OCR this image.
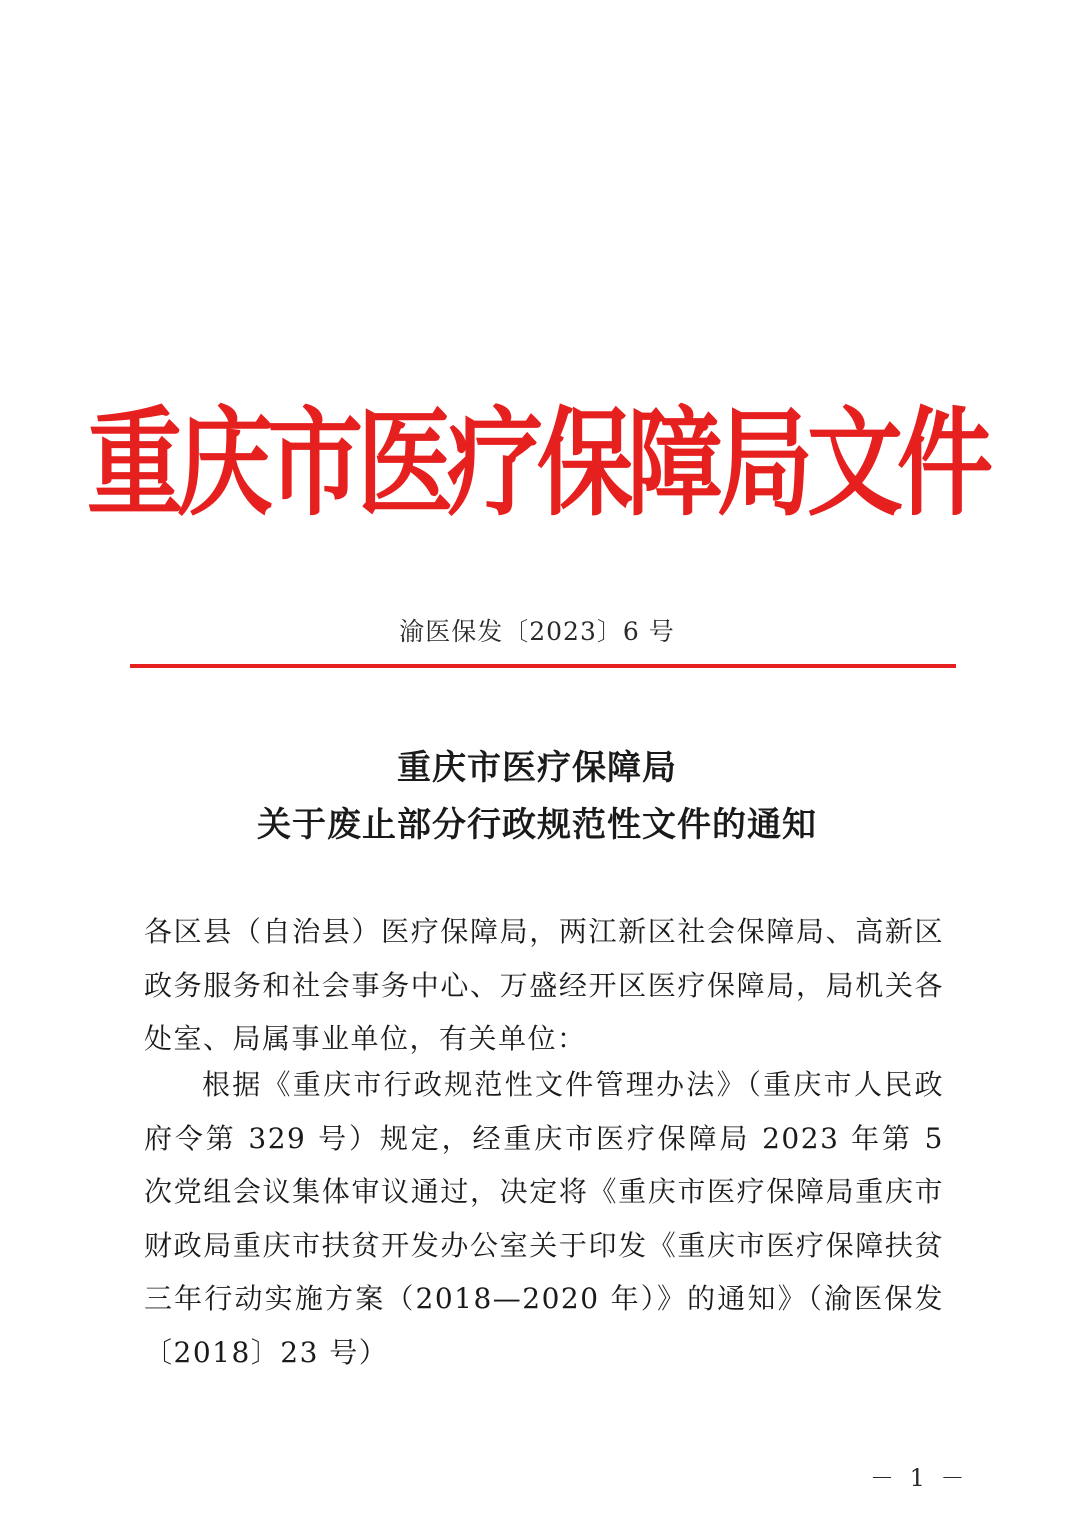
重庆市医疗保障局文件
渝医保发〔2023〕6 号
重庆市医疗保障局
关于废止部分行政规范性文件的通知

各区县（自治县）医疗保障局，两江新区社会保障局、高新区政务服务和社会事务中心、万盛经开区医疗保障局，局机关各处室、局属事业单位，有关单位：

根据《重庆市行政规范性文件管理办法》（重庆市人民政府令第 329 号）规定，经重庆市医疗保障局 2023 年第 5 次党组会议集体审议通过，决定将《重庆市医疗保障局重庆市财政局重庆市扶贫开发办公室关于印发《重庆市医疗保障扶贫三年行动实施方案（2018—2020 年）》的通知》（渝医保发〔2018〕23 号）

－ 1 －
